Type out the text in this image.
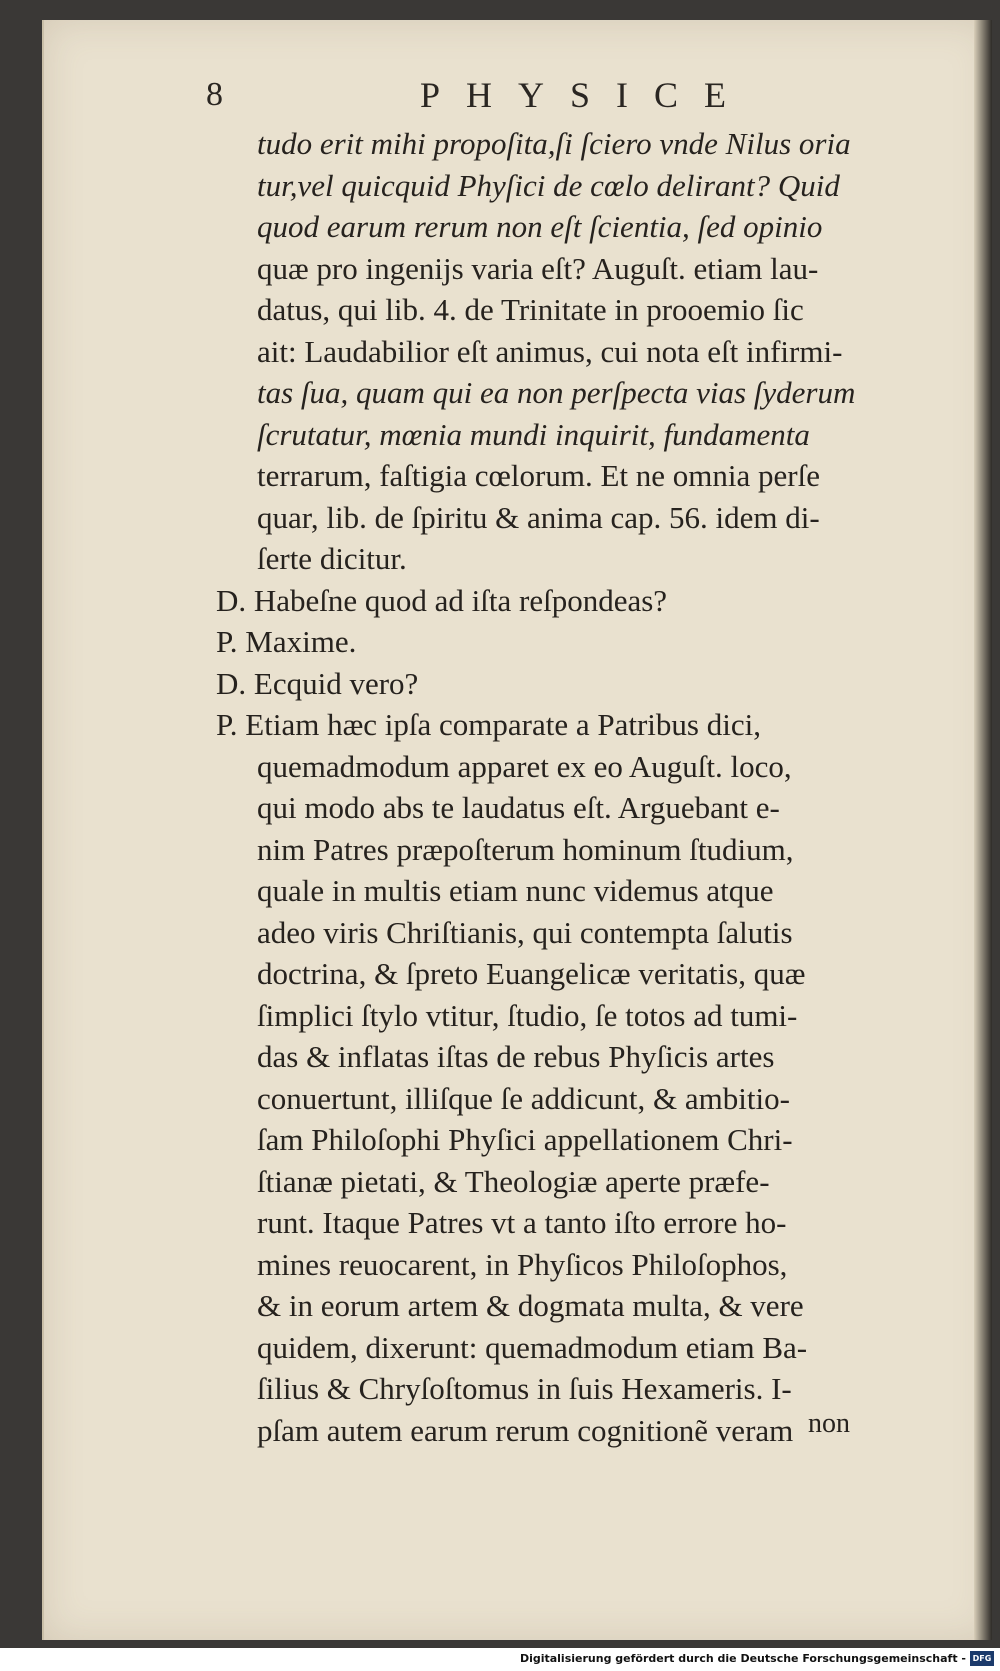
8	PHYSICE
tudo erit mihi propoſita,ſi ſciero vnde Nilus oria
tur,vel quicquid Phyſici de cœlo delirant? Quid
quod earum rerum non eſt ſcientia, ſed opinio
quæ pro ingenijs varia eſt? Auguſt. etiam lau-
datus, qui lib. 4. de Trinitate in prooemio ſic
ait: Laudabilior eſt animus, cui nota eſt infirmi-
tas ſua, quam qui ea non perſpecta vias ſyderum
ſcrutatur, mœnia mundi inquirit, fundamenta
terrarum, faſtigia cœlorum. Et ne omnia perſe
quar, lib. de ſpiritu & anima cap. 56. idem di-
ſerte dicitur.
D. Habeſne quod ad iſta reſpondeas?
P. Maxime.
D. Ecquid vero?
P. Etiam hæc ipſa comparate a Patribus dici,
quemadmodum apparet ex eo Auguſt. loco,
qui modo abs te laudatus eſt. Arguebant e-
nim Patres præpoſterum hominum ſtudium,
quale in multis etiam nunc videmus atque
adeo viris Chriſtianis, qui contempta ſalutis
doctrina, & ſpreto Euangelicæ veritatis, quæ
ſimplici ſtylo vtitur, ſtudio, ſe totos ad tumi-
das & inflatas iſtas de rebus Phyſicis artes
conuertunt, illiſque ſe addicunt, & ambitio-
ſam Philoſophi Phyſici appellationem Chri-
ſtianæ pietati, & Theologiæ aperte præfe-
runt. Itaque Patres vt a tanto iſto errore ho-
mines reuocarent, in Phyſicos Philoſophos,
& in eorum artem & dogmata multa, & vere
quidem, dixerunt: quemadmodum etiam Ba-
ſilius & Chryſoſtomus in ſuis Hexameris. I-
pſam autem earum rerum cognitionẽ veram non
Digitalisierung gefördert durch die Deutsche Forschungsgemeinschaft - DFG
